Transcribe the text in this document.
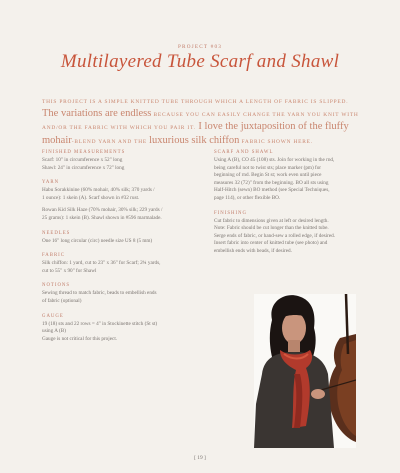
PROJECT #03
Multilayered Tube Scarf and Shawl
THIS PROJECT IS A SIMPLE KNITTED TUBE THROUGH WHICH A LENGTH OF FABRIC IS SLIPPED.
The variations are endless BECAUSE YOU CAN EASILY CHANGE THE YARN YOU KNIT WITH
AND/OR THE FABRIC WITH WHICH YOU PAIR IT. I love the juxtaposition of the fluffy
mohair-BLEND YARN AND THE luxurious silk chiffon FABRIC SHOWN HERE.
FINISHED MEASUREMENTS
Scarf: 10" in circumference x 52" long
Shawl: 24" in circumference x 72" long
YARN
Habu Sorakkinine (60% mohair, 40% silk; 370 yards /
1 ounce): 1 skein (A). Scarf shown in #32 rust.
Rowan Kid Silk Haze (70% mohair, 30% silk; 229 yards /
25 grams): 1 skein (B). Shawl shown in #596 marmalade.
NEEDLES
One 16" long circular (circ) needle size US 8 (5 mm)
FABRIC
Silk chiffon: 1 yard, cut to 23" x 36" for Scarf; 2¾ yards,
cut to 55" x 90" for Shawl
NOTIONS
Sewing thread to match fabric, beads to embellish ends
of fabric (optional)
GAUGE
19 (18) sts and 22 rows = 4" in Stockinette stitch (St st)
using A (B)
Gauge is not critical for this project.
SCARF AND SHAWL
Using A (B), CO 45 (108) sts. Join for working in the rnd,
being careful not to twist sts; place marker (pm) for
beginning of rnd. Begin St st; work even until piece
measures 32 (72)" from the beginning. BO all sts using
Half-Hitch (sewn) BO method (see Special Techniques,
page 114), or other flexible BO.
FINISHING
Cut fabric to dimensions given at left or desired length.
Note: Fabric should be cut longer than the knitted tube.
Serge ends of fabric, or hand-sew a rolled edge, if desired.
Insert fabric into center of knitted tube (see photo) and
embellish ends with beads, if desired.
[ 19 ]
